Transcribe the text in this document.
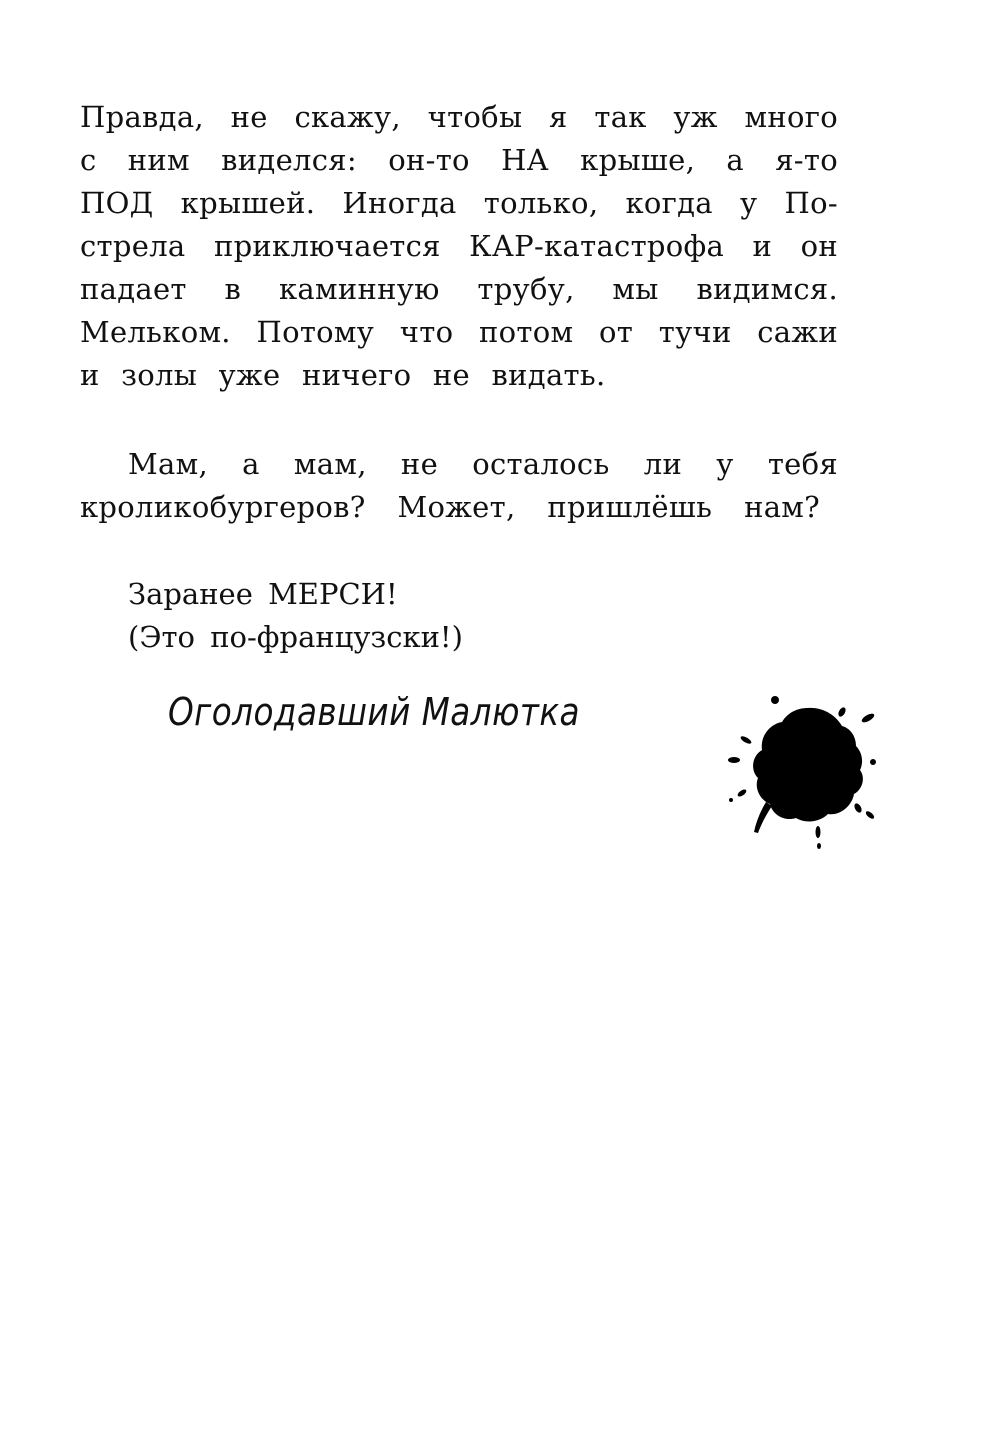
Правда, не скажу, чтобы я так уж много
с ним виделся: он-то НА крыше, а я-то
ПОД крышей. Иногда только, когда у По-
стрела приключается КАР-катастрофа и он
падает в каминную трубу, мы видимся.
Мельком. Потому что потом от тучи сажи
и золы уже ничего не видать.
Мам, а мам, не осталось ли у тебя
кроликобургеров? Может, пришлёшь нам?
Заранее МЕРСИ!
(Это по-французски!)
Оголодавший Малютка
